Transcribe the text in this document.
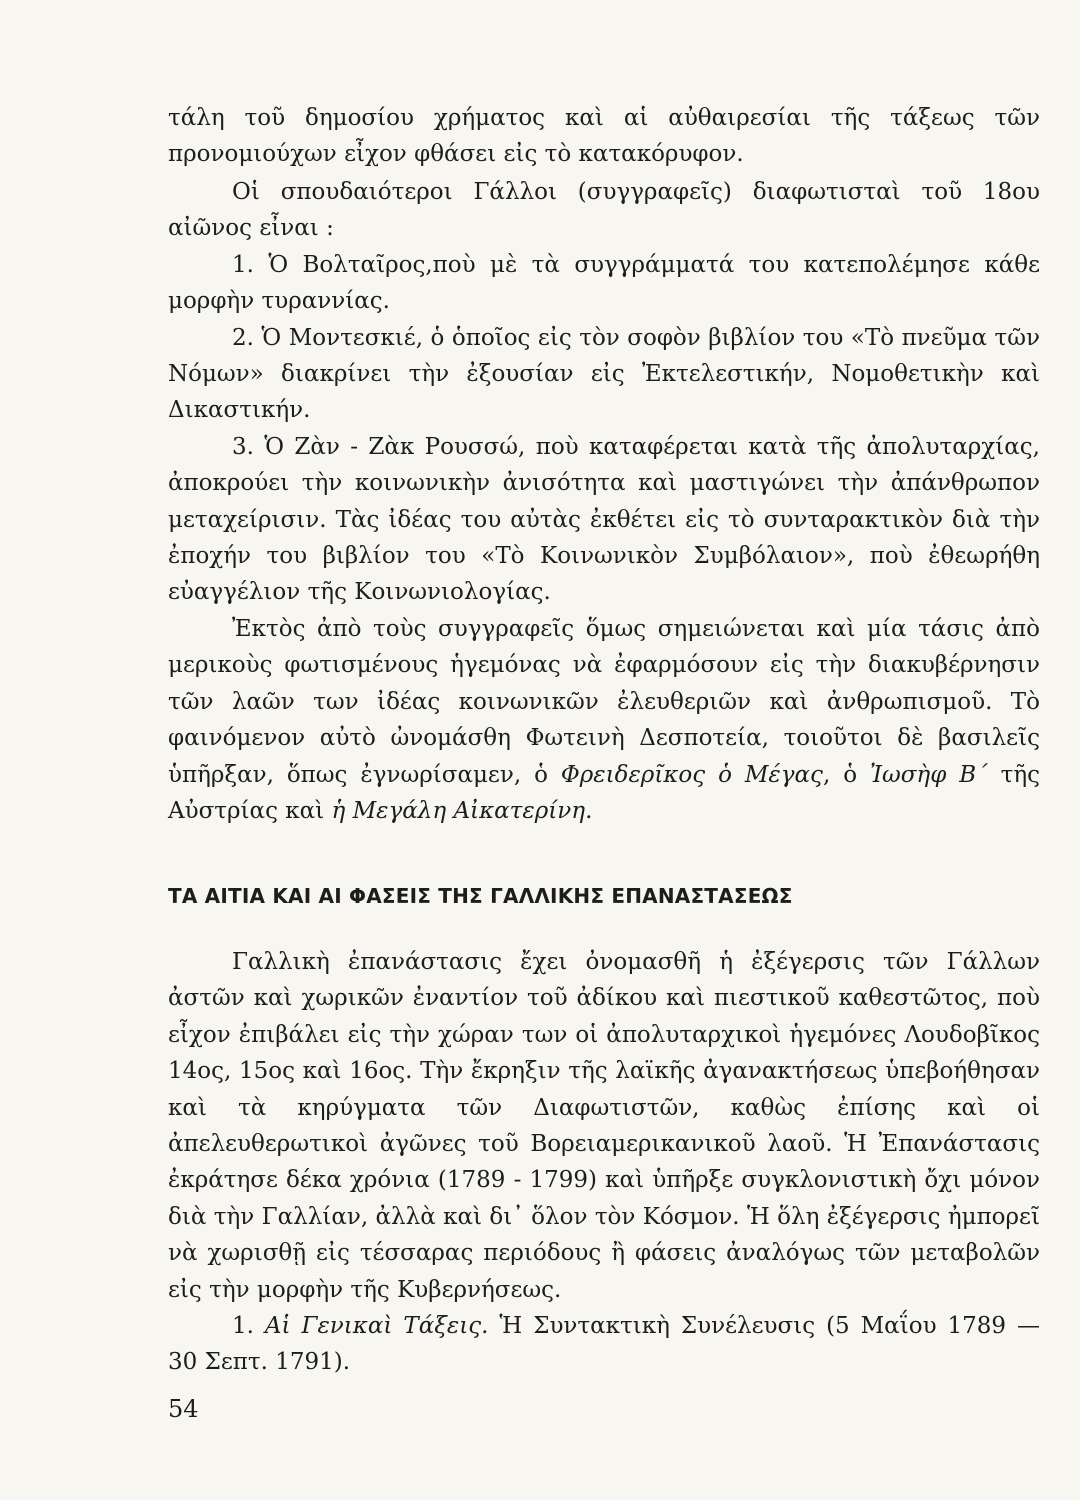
τάλη τοῦ δημοσίου χρήματος καὶ αἱ αὐθαιρεσίαι τῆς τάξεως τῶν προνομιούχων εἶχον φθάσει εἰς τὸ κατακόρυφον.

Οἱ σπουδαιότεροι Γάλλοι (συγγραφεῖς) διαφωτισταὶ τοῦ 18ου αἰῶνος εἶναι :

1. Ὁ Βολταῖρος,ποὺ μὲ τὰ συγγράμματά του κατεπολέμησε κάθε μορφὴν τυραννίας.

2. Ὁ Μοντεσκιέ, ὁ ὁποῖος εἰς τὸν σοφὸν βιβλίον του «Τὸ πνεῦμα τῶν Νόμων» διακρίνει τὴν ἐξουσίαν εἰς Ἐκτελεστικήν, Νομοθετικὴν καὶ Δικαστικήν.

3. Ὁ Ζὰν - Ζὰκ Ρουσσώ, ποὺ καταφέρεται κατὰ τῆς ἀπολυταρχίας, ἀποκρούει τὴν κοινωνικὴν ἀνισότητα καὶ μαστιγώνει τὴν ἀπάνθρωπον μεταχείρισιν. Τὰς ἰδέας του αὐτὰς ἐκθέτει εἰς τὸ συνταρακτικὸν διὰ τὴν ἐποχήν του βιβλίον του «Τὸ Κοινωνικὸν Συμβόλαιον», ποὺ ἐθεωρήθη εὐαγγέλιον τῆς Κοινωνιολογίας.

Ἐκτὸς ἀπὸ τοὺς συγγραφεῖς ὅμως σημειώνεται καὶ μία τάσις ἀπὸ μερικοὺς φωτισμένους ἡγεμόνας νὰ ἐφαρμόσουν εἰς τὴν διακυβέρνησιν τῶν λαῶν των ἰδέας κοινωνικῶν ἐλευθεριῶν καὶ ἀνθρωπισμοῦ. Τὸ φαινόμενον αὐτὸ ὠνομάσθη Φωτεινὴ Δεσποτεία, τοιοῦτοι δὲ βασιλεῖς ὑπῆρξαν, ὅπως ἐγνωρίσαμεν, ὁ Φρειδερῖκος ὁ Μέγας, ὁ Ἰωσὴφ Β΄ τῆς Αὐστρίας καὶ ἡ Μεγάλη Αἰκατερίνη.

ΤΑ ΑΙΤΙΑ ΚΑΙ ΑΙ ΦΑΣΕΙΣ ΤΗΣ ΓΑΛΛΙΚΗΣ ΕΠΑΝΑΣΤΑΣΕΩΣ

Γαλλικὴ ἐπανάστασις ἔχει ὀνομασθῆ ἡ ἐξέγερσις τῶν Γάλλων ἀστῶν καὶ χωρικῶν ἐναντίον τοῦ ἀδίκου καὶ πιεστικοῦ καθεστῶτος, ποὺ εἶχον ἐπιβάλει εἰς τὴν χώραν των οἱ ἀπολυταρχικοὶ ἡγεμόνες Λουδοβῖκος 14ος, 15ος καὶ 16ος. Τὴν ἔκρηξιν τῆς λαϊκῆς ἀγανακτήσεως ὑπεβοήθησαν καὶ τὰ κηρύγματα τῶν Διαφωτιστῶν, καθὼς ἐπίσης καὶ οἱ ἀπελευθερωτικοὶ ἀγῶνες τοῦ Βορειαμερικανικοῦ λαοῦ. Ἡ Ἐπανάστασις ἐκράτησε δέκα χρόνια (1789 - 1799) καὶ ὑπῆρξε συγκλονιστικὴ ὄχι μόνον διὰ τὴν Γαλλίαν, ἀλλὰ καὶ δι᾿ ὅλον τὸν Κόσμον. Ἡ ὅλη ἐξέγερσις ἠμπορεῖ νὰ χωρισθῇ εἰς τέσσαρας περιόδους ἢ φάσεις ἀναλόγως τῶν μεταβολῶν εἰς τὴν μορφὴν τῆς Κυβερνήσεως.

1. Αἱ Γενικαὶ Τάξεις. Ἡ Συντακτικὴ Συνέλευσις (5 Μαΐου 1789 — 30 Σεπτ. 1791).

54
